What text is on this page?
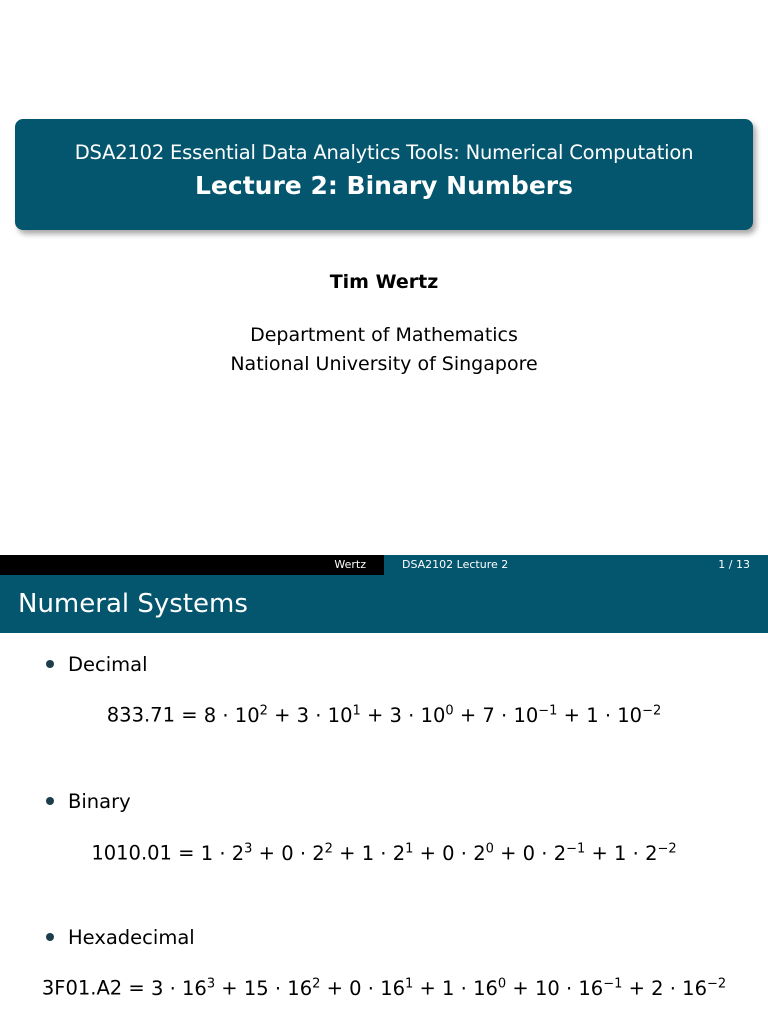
DSA2102 Essential Data Analytics Tools: Numerical Computation
Lecture 2: Binary Numbers
Tim Wertz
Department of Mathematics
National University of Singapore
Wertz	DSA2102 Lecture 2	1 / 13
Numeral Systems
Decimal
$833.71 = 8 \cdot 10^2 + 3 \cdot 10^1 + 3 \cdot 10^0 + 7 \cdot 10^{-1} + 1 \cdot 10^{-2}$
Binary
$1010.01 = 1 \cdot 2^3 + 0 \cdot 2^2 + 1 \cdot 2^1 + 0 \cdot 2^0 + 0 \cdot 2^{-1} + 1 \cdot 2^{-2}$
Hexadecimal
$3F01.A2 = 3 \cdot 16^3 + 15 \cdot 16^2 + 0 \cdot 16^1 + 1 \cdot 16^0 + 10 \cdot 16^{-1} + 2 \cdot 16^{-2}$
